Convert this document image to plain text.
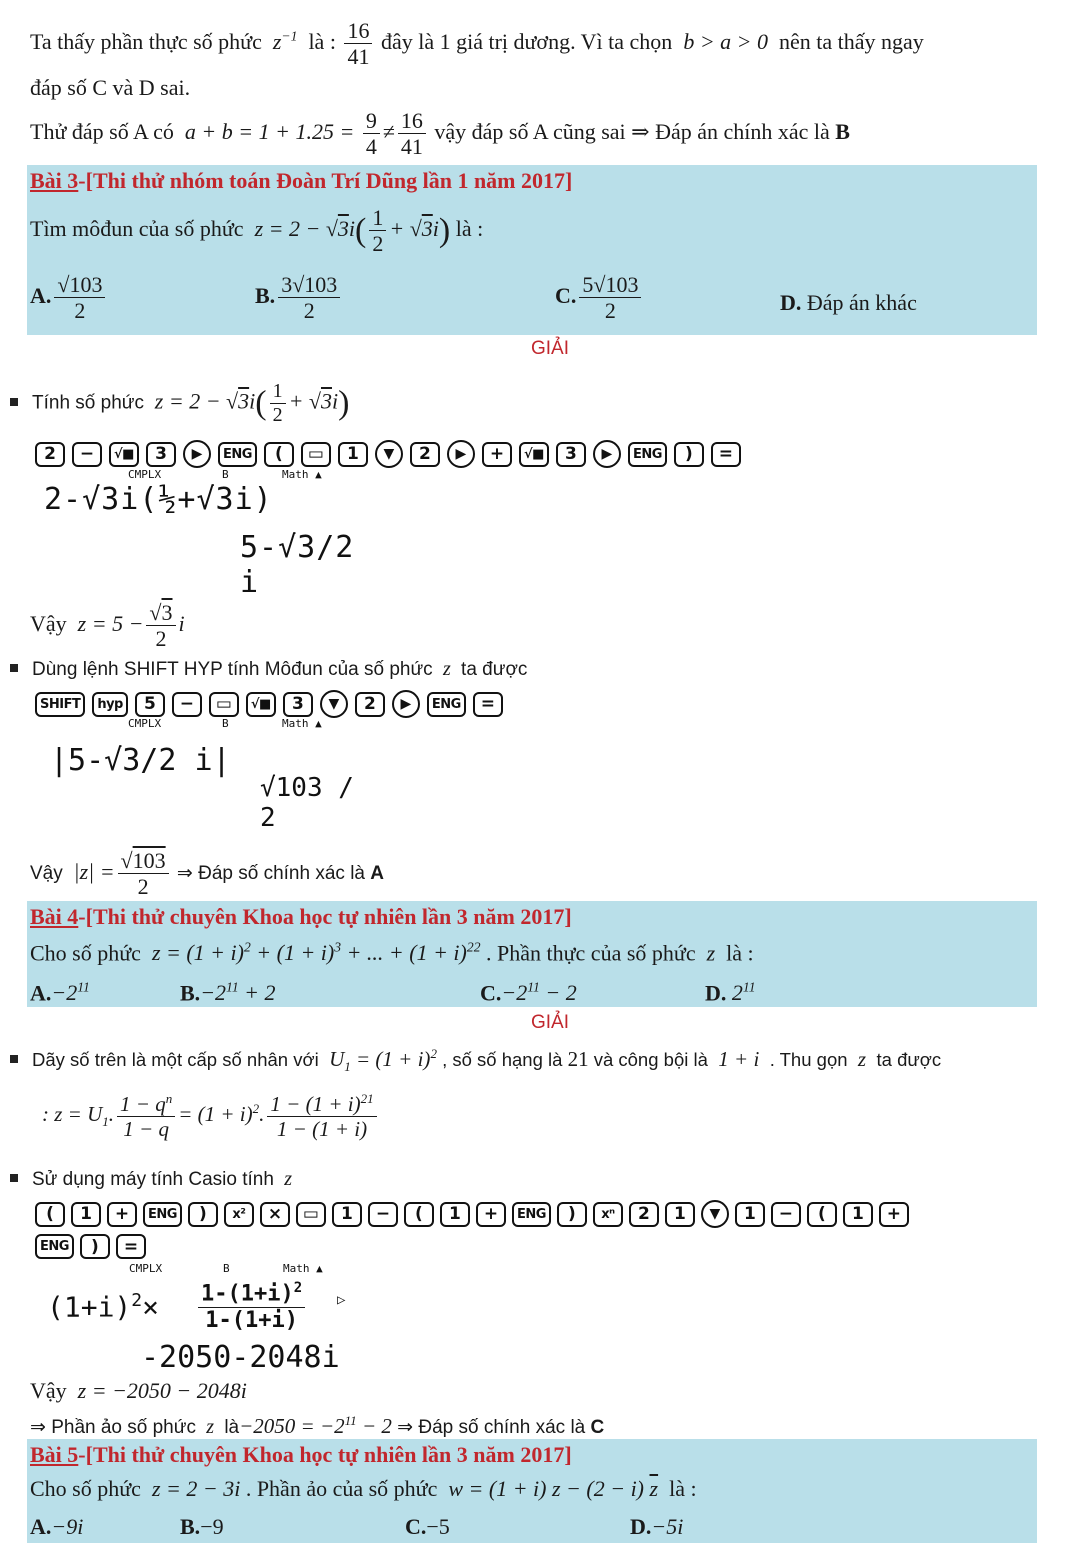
Ta thấy phần thực số phức  $z^{-1}$ là : $\frac{16}{41}$ đây là 1 giá trị dương. Vì ta chọn  b > a > 0  nên ta thấy ngay
đáp số C và D sai.
Thử đáp số A có  $a + b = 1 + 1.25 = \frac{9}{4} \ne \frac{16}{41}$ vậy đáp số A cũng sai ⇒ Đáp án chính xác là B
Bài 3-[Thi thử nhóm toán Đoàn Trí Dũng lần 1 năm 2017]
Tìm môđun của số phức  $z = 2 - √3i( \frac{1}{2} + √3i)$ là :
A. $\frac{√103}{2}$	B. $\frac{3√103}{2}$	C. $\frac{5√103}{2}$	D. Đáp án khác
GIẢI
Tính số phức  $z = 2 - √3i( \frac{1}{2} + √3i)$
2	−	√■	3	▶	ENG	(	▭	1	▼	2	▶	+	√■	3	▶	ENG	)	=
CMPLX	B	Math ▲
2-√3i(½+√3i)
5-√3/2 i
Vậy  $z = 5 - \frac{√3}{2}$ i
Dùng lệnh SHIFT HYP tính Môđun của số phức  z  ta được
SHIFT	hyp	5	−	▭	√■	3	▼	2	▶	ENG	=
CMPLX	B	Math ▲
|5-√3/2 i|
√103 / 2
Vậy  $|z| = \frac{√103}{2}$ ⇒ Đáp số chính xác là A
Bài 4-[Thi thử chuyên Khoa học tự nhiên lần 3 năm 2017]
Cho số phức  $z = (1 + i)^2 + (1 + i)^3$ + ... + $(1 + i)^{22}$ . Phần thực của số phức  z  là :
$A.-2^{11}$	$B.-2^{11} + 2$	$C.-2^{11} - 2$	D. $2^{11}$
GIẢI
Dãy số trên là một cấp số nhân với  $U_1 = (1 + i)^2$ , số số hạng là 21 và công bội là  1 + i  . Thu gọn  z  ta được
: $z = U_1$. $\frac{1 - q^n}{1 - q} = (1 + i)^2$. $\frac{1 - (1 + i)^{21}}{1 - (1 + i)}$
Sử dụng máy tính Casio tính  z
(	1	+	ENG	)	x²	×	▭	1	−	(	1	+	ENG	)	xⁿ	2	1	▼	1	−	(	1	+
ENG	)	=
CMPLX	B	Math ▲
$(1+i)^2\times \frac{1-(1+i)^2}{1-(1+i)}$ ▷
-2050-2048i
Vậy  z = −2050 − 2048i
⇒ Phần ảo số phức  z  là−2050 = $-2^{11} - 2$ ⇒ Đáp số chính xác là C
Bài 5-[Thi thử chuyên Khoa học tự nhiên lần 3 năm 2017]
Cho số phức  z = 2 − 3i . Phần ảo của số phức  w = (1 + i) z − (2 − i) $\overline{z}$ là :
A.−9i	B.−9	C.−5	D.−5i
